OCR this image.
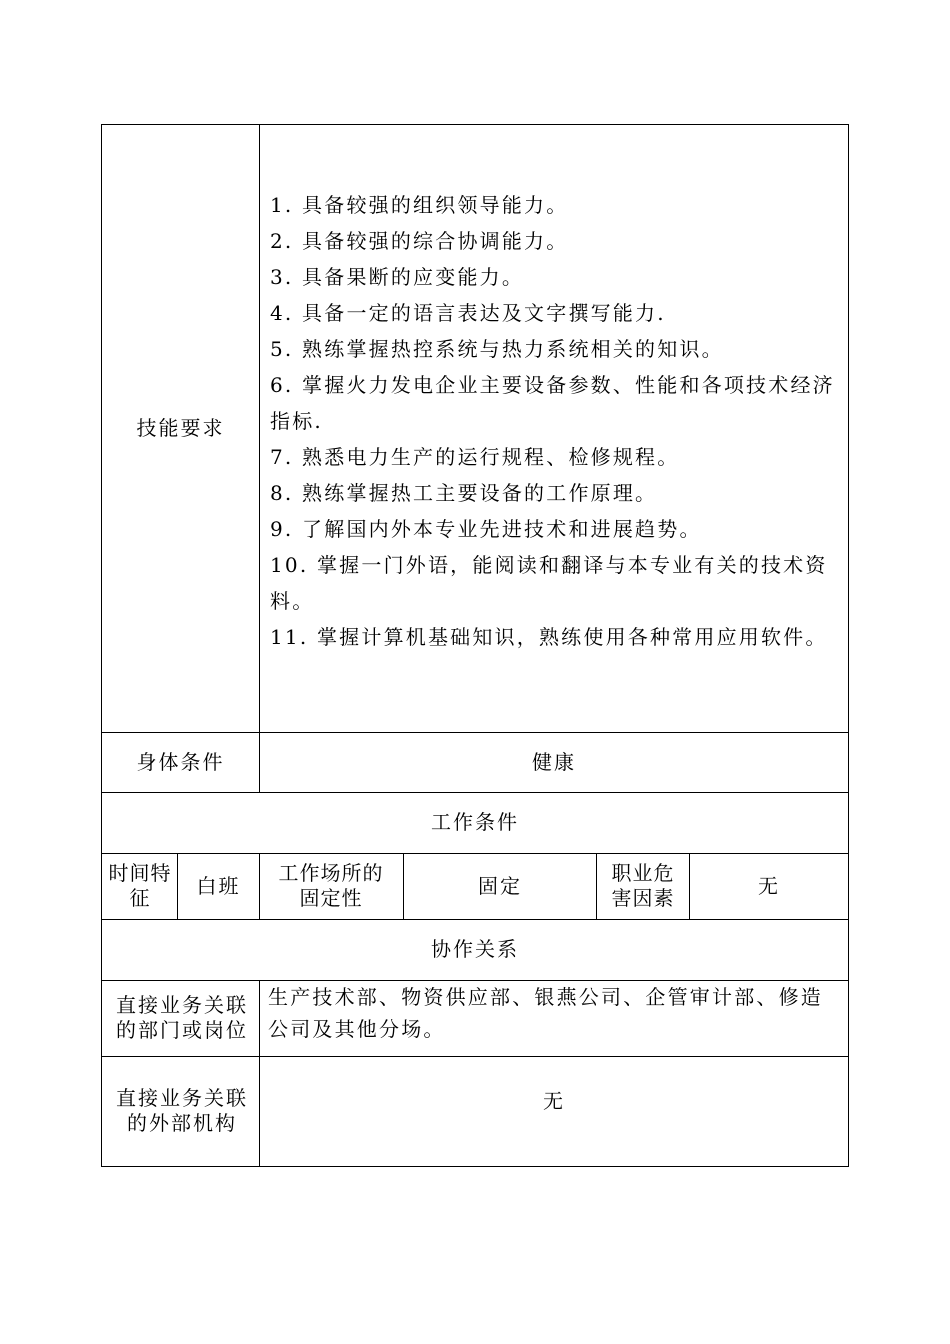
技能要求
1. 具备较强的组织领导能力。
2. 具备较强的综合协调能力。
3. 具备果断的应变能力。
4. 具备一定的语言表达及文字撰写能力.
5. 熟练掌握热控系统与热力系统相关的知识。
6. 掌握火力发电企业主要设备参数、性能和各项技术经济指标.
7. 熟悉电力生产的运行规程、检修规程。
8. 熟练掌握热工主要设备的工作原理。
9. 了解国内外本专业先进技术和进展趋势。
10. 掌握一门外语，能阅读和翻译与本专业有关的技术资料。
11. 掌握计算机基础知识，熟练使用各种常用应用软件。
身体条件	健康
工作条件
时间特征
白班
工作场所的固定性
固定
职业危害因素
无
协作关系
直接业务关联的部门或岗位
生产技术部、物资供应部、银燕公司、企管审计部、修造公司及其他分场。
直接业务关联的外部机构
无
